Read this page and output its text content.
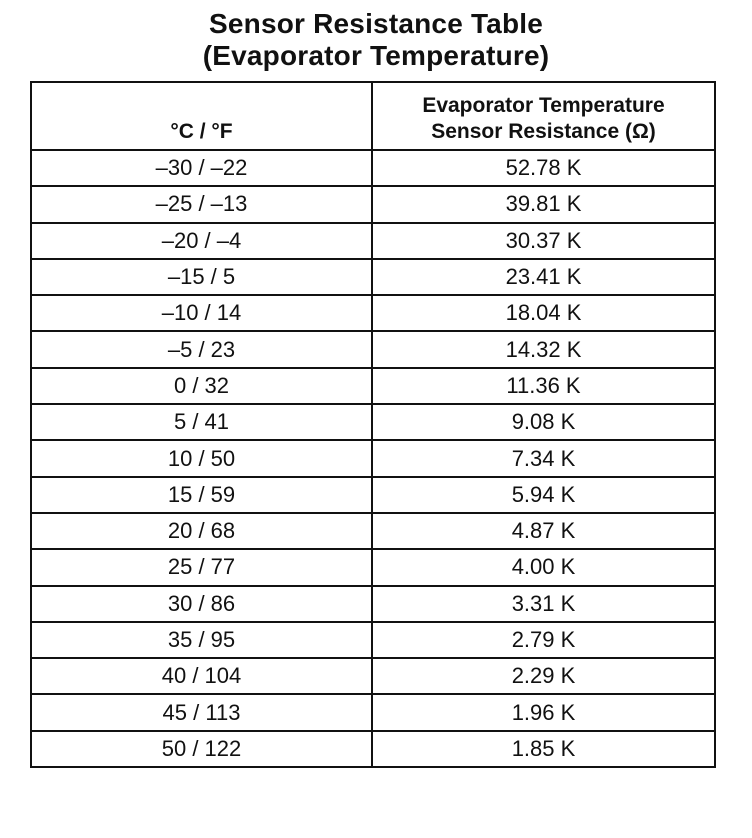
Sensor Resistance Table
(Evaporator Temperature)
°C / °F	Evaporator Temperature
Sensor Resistance (Ω)

–30 / –22	52.78 K
–25 / –13	39.81 K
–20 / –4	30.37 K
–15 / 5	23.41 K
–10 / 14	18.04 K
–5 / 23	14.32 K
0 / 32	11.36 K
5 / 41	9.08 K
10 / 50	7.34 K
15 / 59	5.94 K
20 / 68	4.87 K
25 / 77	4.00 K
30 / 86	3.31 K
35 / 95	2.79 K
40 / 104	2.29 K
45 / 113	1.96 K
50 / 122	1.85 K
